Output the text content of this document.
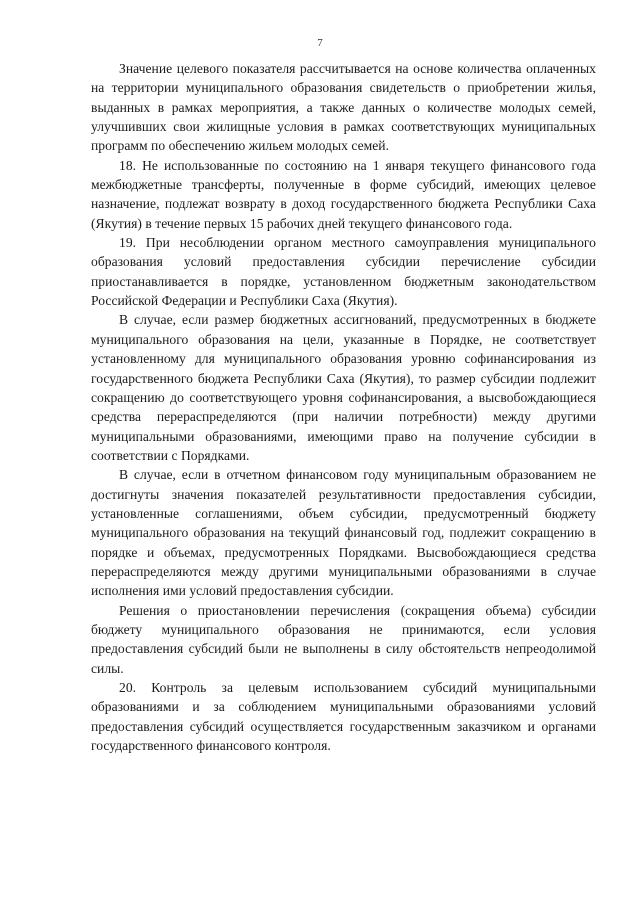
7

Значение целевого показателя рассчитывается на основе количества оплаченных на территории муниципального образования свидетельств о приобретении жилья, выданных в рамках мероприятия, а также данных о количестве молодых семей, улучшивших свои жилищные условия в рамках соответствующих муниципальных программ по обеспечению жильем молодых семей.

18. Не использованные по состоянию на 1 января текущего финансового года межбюджетные трансферты, полученные в форме субсидий, имеющих целевое назначение, подлежат возврату в доход государственного бюджета Республики Саха (Якутия) в течение первых 15 рабочих дней текущего финансового года.

19. При несоблюдении органом местного самоуправления муниципального образования условий предоставления субсидии перечисление субсидии приостанавливается в порядке, установленном бюджетным законодательством Российской Федерации и Республики Саха (Якутия).

В случае, если размер бюджетных ассигнований, предусмотренных в бюджете муниципального образования на цели, указанные в Порядке, не соответствует установленному для муниципального образования уровню софинансирования из государственного бюджета Республики Саха (Якутия), то размер субсидии подлежит сокращению до соответствующего уровня софинансирования, а высвобождающиеся средства перераспределяются (при наличии потребности) между другими муниципальными образованиями, имеющими право на получение субсидии в соответствии с Порядками.

В случае, если в отчетном финансовом году муниципальным образованием не достигнуты значения показателей результативности предоставления субсидии, установленные соглашениями, объем субсидии, предусмотренный бюджету муниципального образования на текущий финансовый год, подлежит сокращению в порядке и объемах, предусмотренных Порядками. Высвобождающиеся средства перераспределяются между другими муниципальными образованиями в случае исполнения ими условий предоставления субсидии.

Решения о приостановлении перечисления (сокращения объема) субсидии бюджету муниципального образования не принимаются, если условия предоставления субсидий были не выполнены в силу обстоятельств непреодолимой силы.

20. Контроль за целевым использованием субсидий муниципальными образованиями и за соблюдением муниципальными образованиями условий предоставления субсидий осуществляется государственным заказчиком и органами государственного финансового контроля.
